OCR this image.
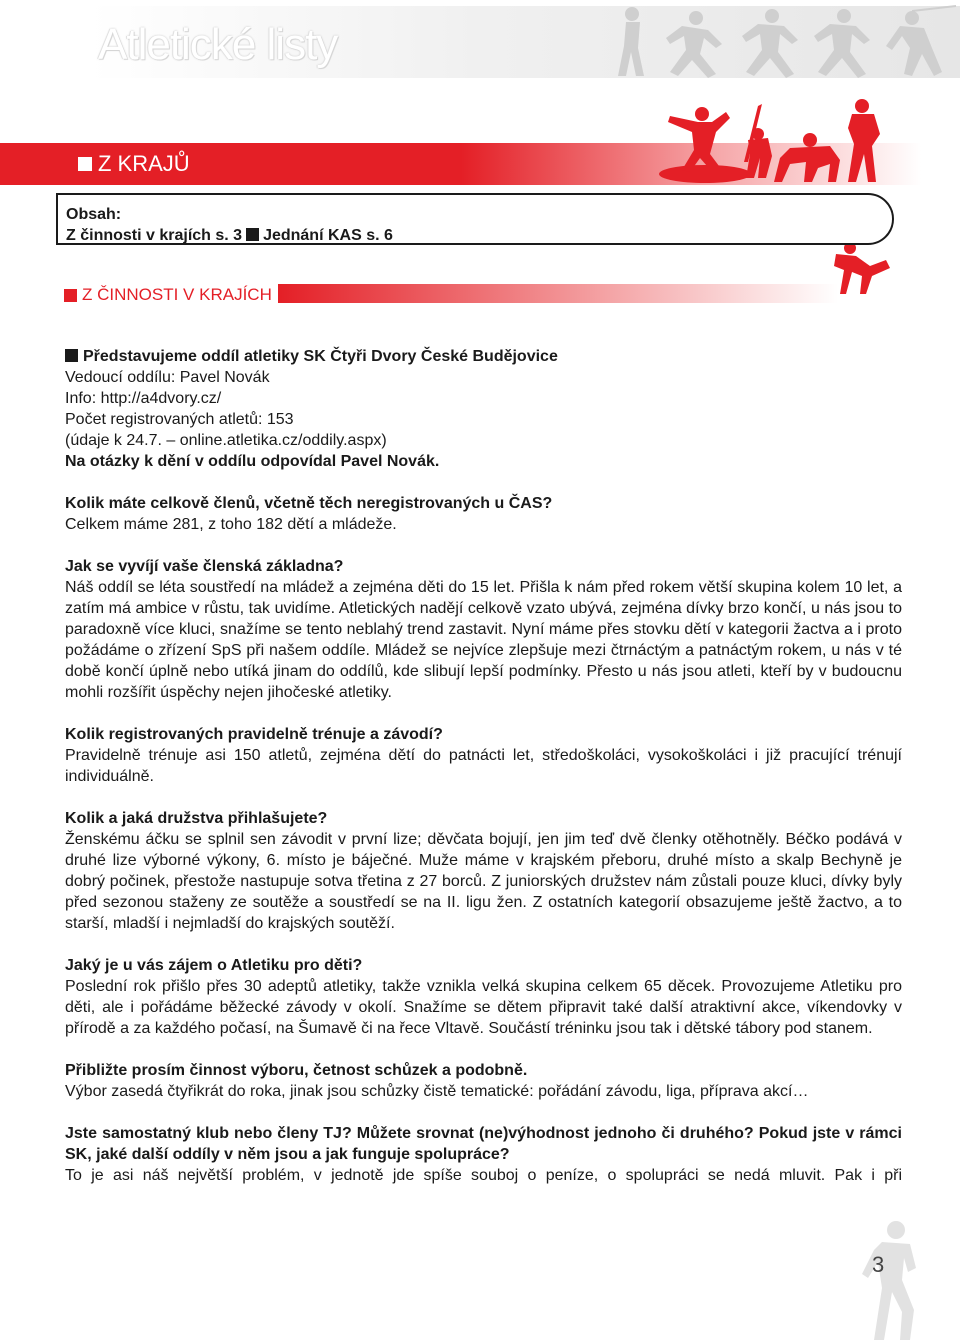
Atletické listy
Z KRAJŮ
Obsah:
Z činnosti v krajích s. 3 Jednání KAS s. 6
Z ČINNOSTI V KRAJÍCH

Představujeme oddíl atletiky SK Čtyři Dvory České Budějovice

Vedoucí oddílu: Pavel Novák

Info: http://a4dvory.cz/

Počet registrovaných atletů: 153

(údaje k 24.7. – online.atletika.cz/oddily.aspx)

Na otázky k dění v oddílu odpovídal Pavel Novák.

Kolik máte celkově členů, včetně těch neregistrovaných u ČAS?

Celkem máme 281, z toho 182 dětí a mládeže.

Jak se vyvíjí vaše členská základna?

Náš oddíl se léta soustředí na mládež a zejména děti do 15 let. Přišla k nám před rokem větší skupina kolem 10 let, a zatím má ambice v růstu, tak uvidíme. Atletických nadějí celkově vzato ubývá, zejména dívky brzo končí, u nás jsou to paradoxně více kluci, snažíme se tento neblahý trend zastavit. Nyní máme přes stovku dětí v kategorii žactva a i proto požádáme o zřízení SpS při našem oddíle. Mládež se nejvíce zlepšuje mezi čtrnáctým a patnáctým rokem, u nás v té době končí úplně nebo utíká jinam do oddílů, kde slibují lepší podmínky. Přesto u nás jsou atleti, kteří by v budoucnu mohli rozšířit úspěchy nejen jihočeské atletiky.

Kolik registrovaných pravidelně trénuje a závodí?

Pravidelně trénuje asi 150 atletů, zejména dětí do patnácti let, středoškoláci, vysokoškoláci i již pracující trénují individuálně.

Kolik a jaká družstva přihlašujete?

Ženskému áčku se splnil sen závodit v první lize; děvčata bojují, jen jim teď dvě členky otěhotněly. Béčko podává v druhé lize výborné výkony, 6. místo je báječné. Muže máme v krajském přeboru, druhé místo a skalp Bechyně je dobrý počinek, přestože nastupuje sotva třetina z 27 borců. Z juniorských družstev nám zůstali pouze kluci, dívky byly před sezonou staženy ze soutěže a soustředí se na II. ligu žen. Z ostatních kategorií obsazujeme ještě žactvo, a to starší, mladší i nejmladší do krajských soutěží.

Jaký je u vás zájem o Atletiku pro děti?

Poslední rok přišlo přes 30 adeptů atletiky, takže vznikla velká skupina celkem 65 děcek. Provozujeme Atletiku pro děti, ale i pořádáme běžecké závody v okolí. Snažíme se dětem připravit také další atraktivní akce, víkendovky v přírodě a za každého počasí, na Šumavě či na řece Vltavě. Součástí tréninku jsou tak i dětské tábory pod stanem.

Přibližte prosím činnost výboru, četnost schůzek a podobně.

Výbor zasedá čtyřikrát do roka, jinak jsou schůzky čistě tematické: pořádání závodu, liga, příprava akcí…

Jste samostatný klub nebo členy TJ? Můžete srovnat (ne)výhodnost jednoho či druhého? Pokud jste v rámci SK, jaké další oddíly v něm jsou a jak funguje spolupráce?

To je asi náš největší problém, v jednotě jde spíše souboj o peníze, o spolupráci se nedá mluvit. Pak i při

3
